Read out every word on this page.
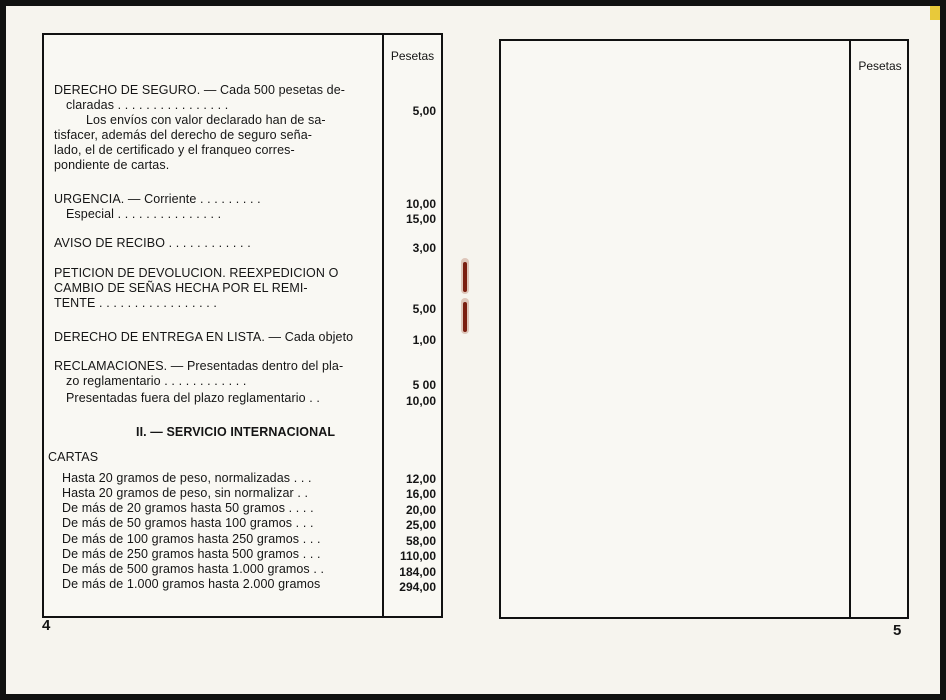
Pesetas
DERECHO DE SEGURO. — Cada 500 pesetas de-
claradas . . . . . . . . . . . . . . . .
Los envíos con valor declarado han de sa-
tisfacer, además del derecho de seguro seña-
lado, el de certificado y el franqueo corres-
pondiente de cartas.
URGENCIA. — Corriente . . . . . . . . .
Especial . . . . . . . . . . . . . . .
AVISO DE RECIBO . . . . . . . . . . . .
PETICION DE DEVOLUCION. REEXPEDICION O
CAMBIO DE SEÑAS HECHA POR EL REMI-
TENTE . . . . . . . . . . . . . . . . .
DERECHO DE ENTREGA EN LISTA. — Cada objeto
RECLAMACIONES. — Presentadas dentro del pla-
zo reglamentario . . . . . . . . . . . .
Presentadas fuera del plazo reglamentario . .
II. — SERVICIO INTERNACIONAL
CARTAS
Hasta 20 gramos de peso, normalizadas . . .
Hasta 20 gramos de peso, sin normalizar . .
De más de 20 gramos hasta 50 gramos . . . .
De más de 50 gramos hasta 100 gramos . . .
De más de 100 gramos hasta 250 gramos . . .
De más de 250 gramos hasta 500 gramos . . .
De más de 500 gramos hasta 1.000 gramos . .
De más de 1.000 gramos hasta 2.000 gramos
5,00
10,00
15,00
3,00
5,00
1,00
5 00
10,00
12,00
16,00
20,00
25,00
58,00
110,00
184,00
294,00
4
Pesetas
5
